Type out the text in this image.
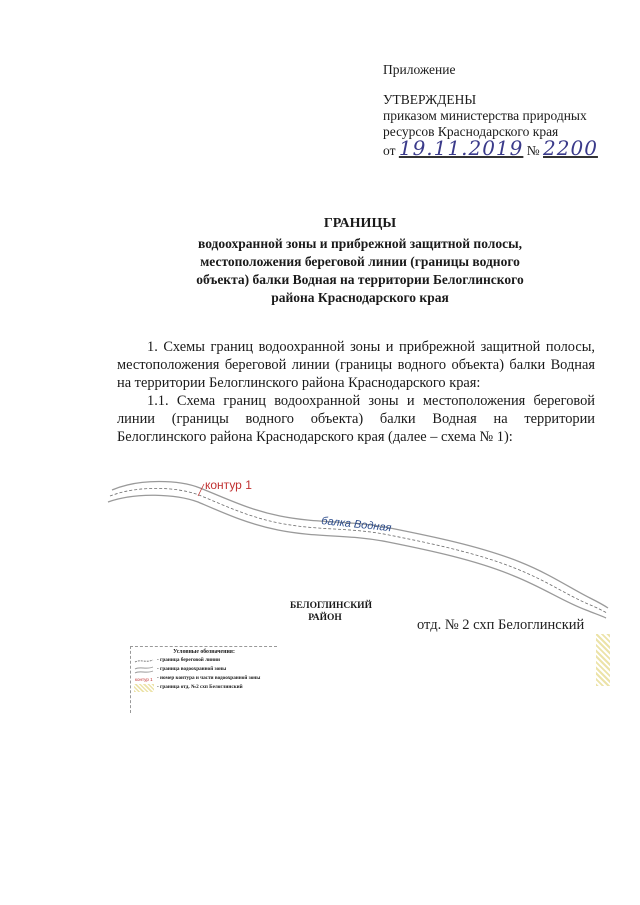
Приложение
УТВЕРЖДЕНЫ
приказом министерства природных
ресурсов Краснодарского края
от 19.11.2019 № 2200
ГРАНИЦЫ
водоохранной зоны и прибрежной защитной полосы,
местоположения береговой линии (границы водного
объекта) балки Водная на территории Белоглинского
района Краснодарского края

1. Схемы границ водоохранной зоны и прибрежной защитной полосы, местоположения береговой линии (границы водного объекта) балки Водная на территории Белоглинского района Краснодарского края:

1.1. Схема границ водоохранной зоны и местоположения береговой линии (границы водного объекта) балки Водная на территории Белоглинского района Краснодарского края (далее – схема № 1):

контур 1
балка Водная
БЕЛОГЛИНСКИЙ
РАЙОН	отд. № 2 схп Белоглинский
Условные обозначения:
- граница береговой линии
- граница водоохранной зоны
контур 1 - номер контура и части водоохранной зоны
- граница отд. №2 схп Белоглинский
